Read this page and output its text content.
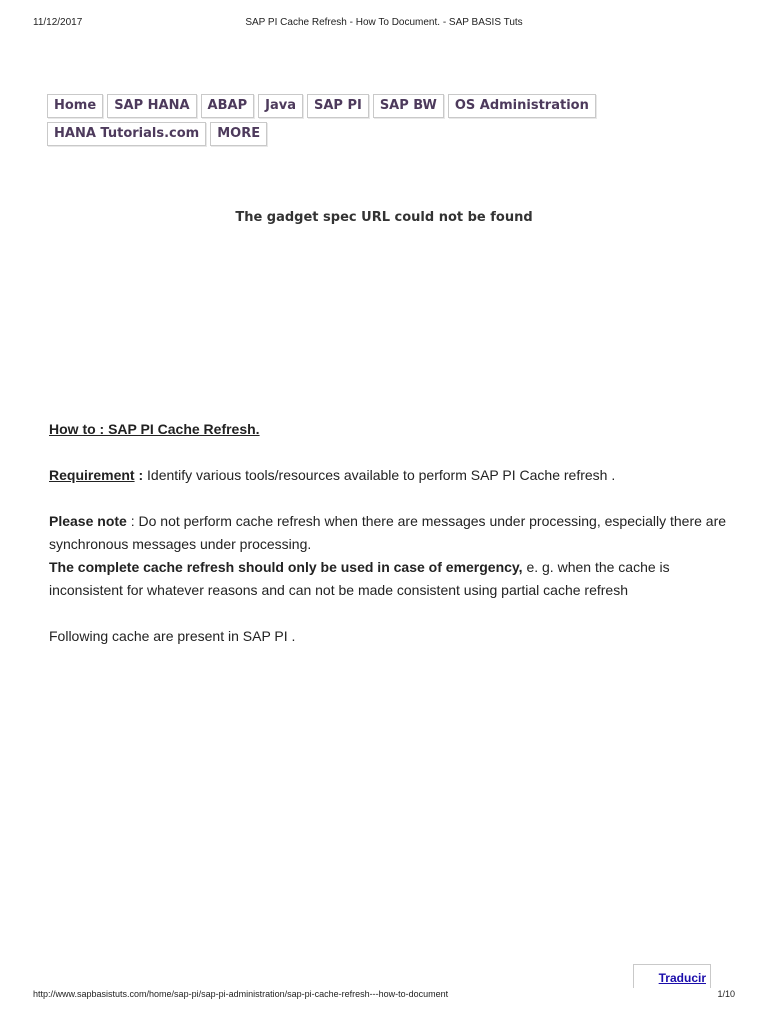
11/12/2017	SAP PI Cache Refresh - How To Document. - SAP BASIS Tuts
Home	SAP HANA	ABAP	Java	SAP PI	SAP BW	OS Administration
HANA Tutorials.com	MORE
The gadget spec URL could not be found

How to : SAP PI Cache Refresh.

Requirement : Identify various tools/resources available to perform SAP PI Cache refresh .

Please note : Do not perform cache refresh when there are messages under processing, especially there are synchronous messages under processing.

The complete cache refresh should only be used in case of emergency, e. g. when the cache is inconsistent for whatever reasons and can not be made consistent using partial cache refresh

Following cache are present in SAP PI .

Traducir
http://www.sapbasistuts.com/home/sap-pi/sap-pi-administration/sap-pi-cache-refresh---how-to-document	1/10
